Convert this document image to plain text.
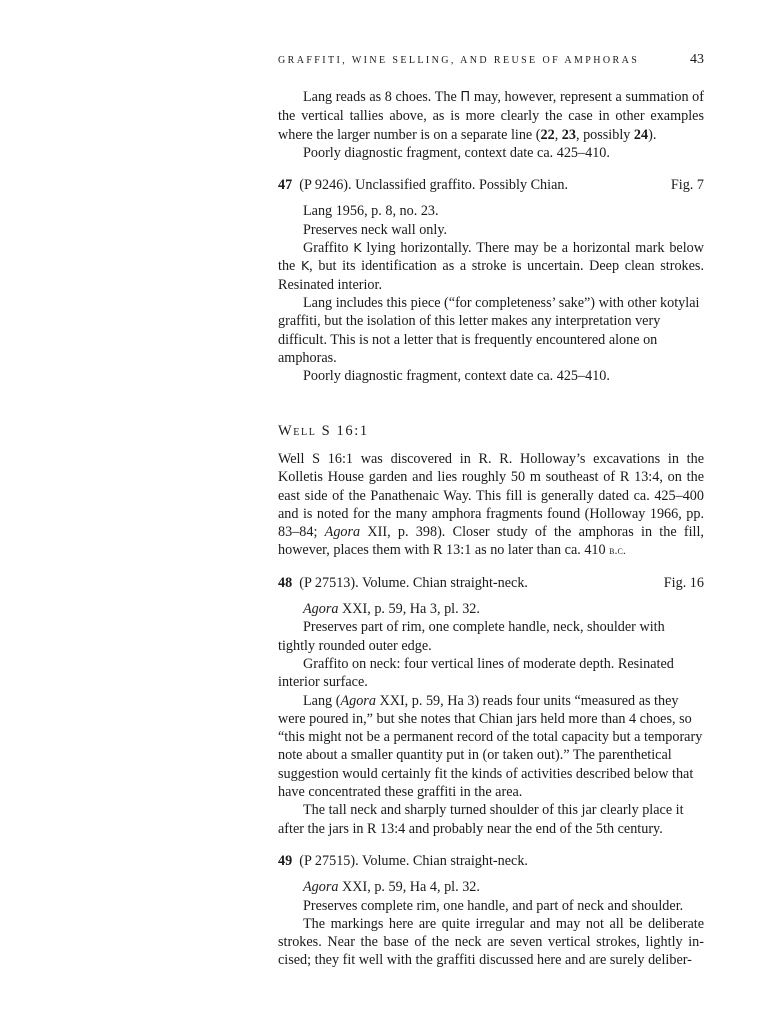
GRAFFITI, WINE SELLING, AND REUSE OF AMPHORAS	43

Lang reads as 8 choes. The Π may, however, represent a summation of the vertical tallies above, as is more clearly the case in other examples where the larger number is on a separate line (22, 23, possibly 24).

Poorly diagnostic fragment, context date ca. 425–410.

47 (P 9246). Unclassified graffito. Possibly Chian.	Fig. 7

Lang 1956, p. 8, no. 23.

Preserves neck wall only.

Graffito K lying horizontally. There may be a horizontal mark below the K, but its identification as a stroke is uncertain. Deep clean strokes. Resinated interior.

Lang includes this piece (“for completeness’ sake”) with other kotylai graffiti, but the isolation of this letter makes any interpretation very difficult. This is not a letter that is frequently encountered alone on amphoras.

Poorly diagnostic fragment, context date ca. 425–410.

Well S 16:1

Well S 16:1 was discovered in R. R. Holloway’s excavations in the Kolletis House garden and lies roughly 50 m southeast of R 13:4, on the east side of the Panathenaic Way. This fill is generally dated ca. 425–400 and is noted for the many amphora fragments found (Holloway 1966, pp. 83–84; Agora XII, p. 398). Closer study of the amphoras in the fill, however, places them with R 13:1 as no later than ca. 410 b.c.

48 (P 27513). Volume. Chian straight-neck.	Fig. 16

Agora XXI, p. 59, Ha 3, pl. 32.

Preserves part of rim, one complete handle, neck, shoulder with tightly rounded outer edge.

Graffito on neck: four vertical lines of moderate depth. Resinated interior surface.

Lang (Agora XXI, p. 59, Ha 3) reads four units “measured as they were poured in,” but she notes that Chian jars held more than 4 choes, so “this might not be a permanent record of the total capacity but a temporary note about a smaller quantity put in (or taken out).” The parenthetical suggestion would certainly fit the kinds of activities described below that have concentrated these graffiti in the area.

The tall neck and sharply turned shoulder of this jar clearly place it after the jars in R 13:4 and probably near the end of the 5th century.

49 (P 27515). Volume. Chian straight-neck.

Agora XXI, p. 59, Ha 4, pl. 32.

Preserves complete rim, one handle, and part of neck and shoulder.

The markings here are quite irregular and may not all be deliberate strokes. Near the base of the neck are seven vertical strokes, lightly incised; they fit well with the graffiti discussed here and are surely deliber-
